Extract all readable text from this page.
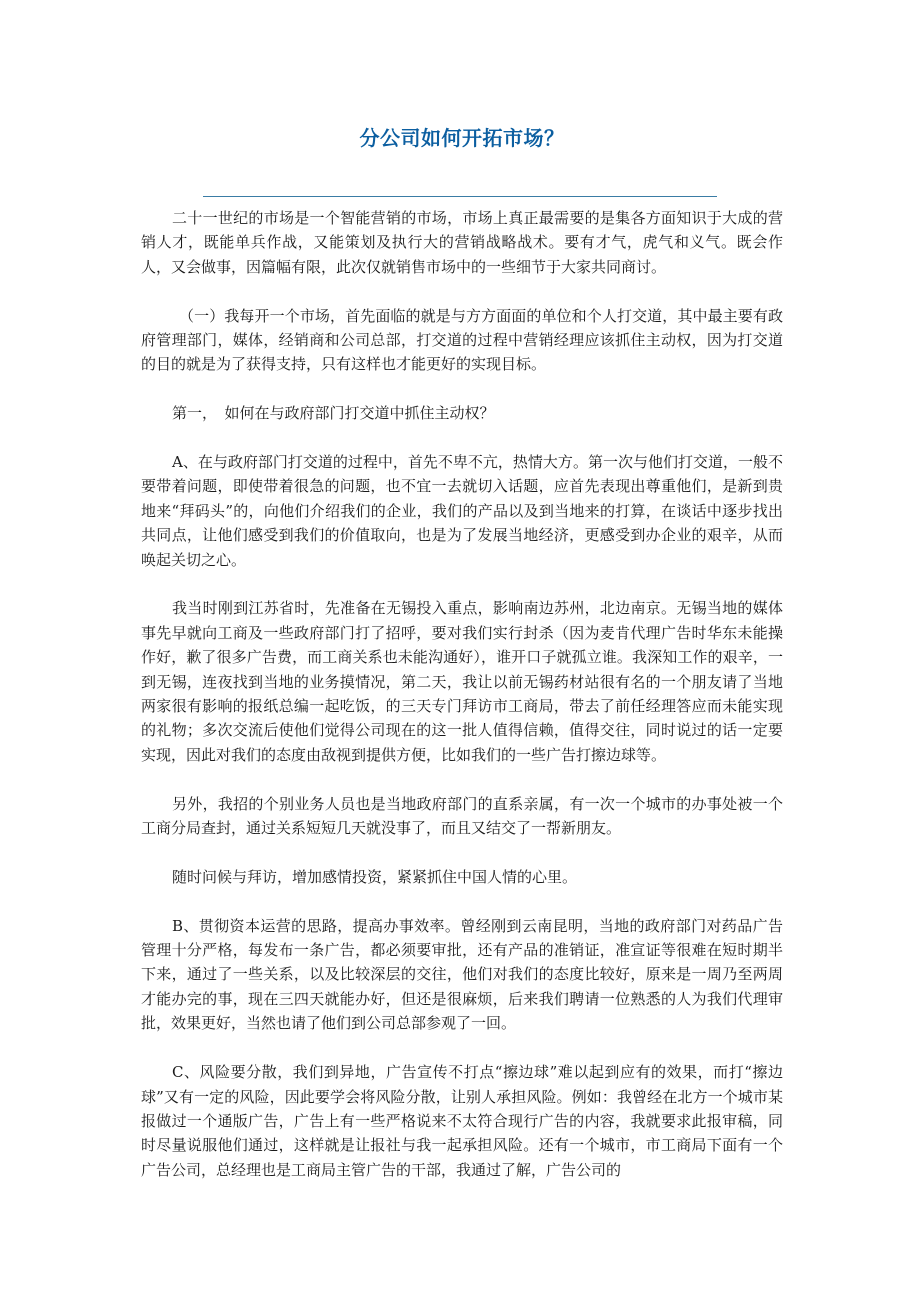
分公司如何开拓市场？

二十一世纪的市场是一个智能营销的市场，市场上真正最需要的是集各方面知识于大成的营销人才，既能单兵作战，又能策划及执行大的营销战略战术。要有才气，虎气和义气。既会作人，又会做事，因篇幅有限，此次仅就销售市场中的一些细节于大家共同商讨。

（一）我每开一个市场，首先面临的就是与方方面面的单位和个人打交道，其中最主要有政府管理部门，媒体，经销商和公司总部，打交道的过程中营销经理应该抓住主动权，因为打交道的目的就是为了获得支持，只有这样也才能更好的实现目标。

第一，　如何在与政府部门打交道中抓住主动权？

A、在与政府部门打交道的过程中，首先不卑不亢，热情大方。第一次与他们打交道，一般不要带着问题，即使带着很急的问题，也不宜一去就切入话题，应首先表现出尊重他们，是新到贵地来“拜码头”的，向他们介绍我们的企业，我们的产品以及到当地来的打算，在谈话中逐步找出共同点，让他们感受到我们的价值取向，也是为了发展当地经济，更感受到办企业的艰辛，从而唤起关切之心。

我当时刚到江苏省时，先准备在无锡投入重点，影响南边苏州，北边南京。无锡当地的媒体事先早就向工商及一些政府部门打了招呼，要对我们实行封杀（因为麦肯代理广告时华东未能操作好，歉了很多广告费，而工商关系也未能沟通好），谁开口子就孤立谁。我深知工作的艰辛，一到无锡，连夜找到当地的业务摸情况，第二天，我让以前无锡药材站很有名的一个朋友请了当地两家很有影响的报纸总编一起吃饭，的三天专门拜访市工商局，带去了前任经理答应而未能实现的礼物；多次交流后使他们觉得公司现在的这一批人值得信赖，值得交往，同时说过的话一定要实现，因此对我们的态度由敌视到提供方便，比如我们的一些广告打擦边球等。

另外，我招的个别业务人员也是当地政府部门的直系亲属，有一次一个城市的办事处被一个工商分局查封，通过关系短短几天就没事了，而且又结交了一帮新朋友。

随时问候与拜访，增加感情投资，紧紧抓住中国人情的心里。

B、贯彻资本运营的思路，提高办事效率。曾经刚到云南昆明，当地的政府部门对药品广告管理十分严格，每发布一条广告，都必须要审批，还有产品的准销证，准宣证等很难在短时期半下来，通过了一些关系，以及比较深层的交往，他们对我们的态度比较好，原来是一周乃至两周才能办完的事，现在三四天就能办好，但还是很麻烦，后来我们聘请一位熟悉的人为我们代理审批，效果更好，当然也请了他们到公司总部参观了一回。

C、风险要分散，我们到异地，广告宣传不打点“擦边球”难以起到应有的效果，而打“擦边球”又有一定的风险，因此要学会将风险分散，让别人承担风险。例如：我曾经在北方一个城市某报做过一个通版广告，广告上有一些严格说来不太符合现行广告的内容，我就要求此报审稿，同时尽量说服他们通过，这样就是让报社与我一起承担风险。还有一个城市，市工商局下面有一个广告公司，总经理也是工商局主管广告的干部，我通过了解，广告公司的
